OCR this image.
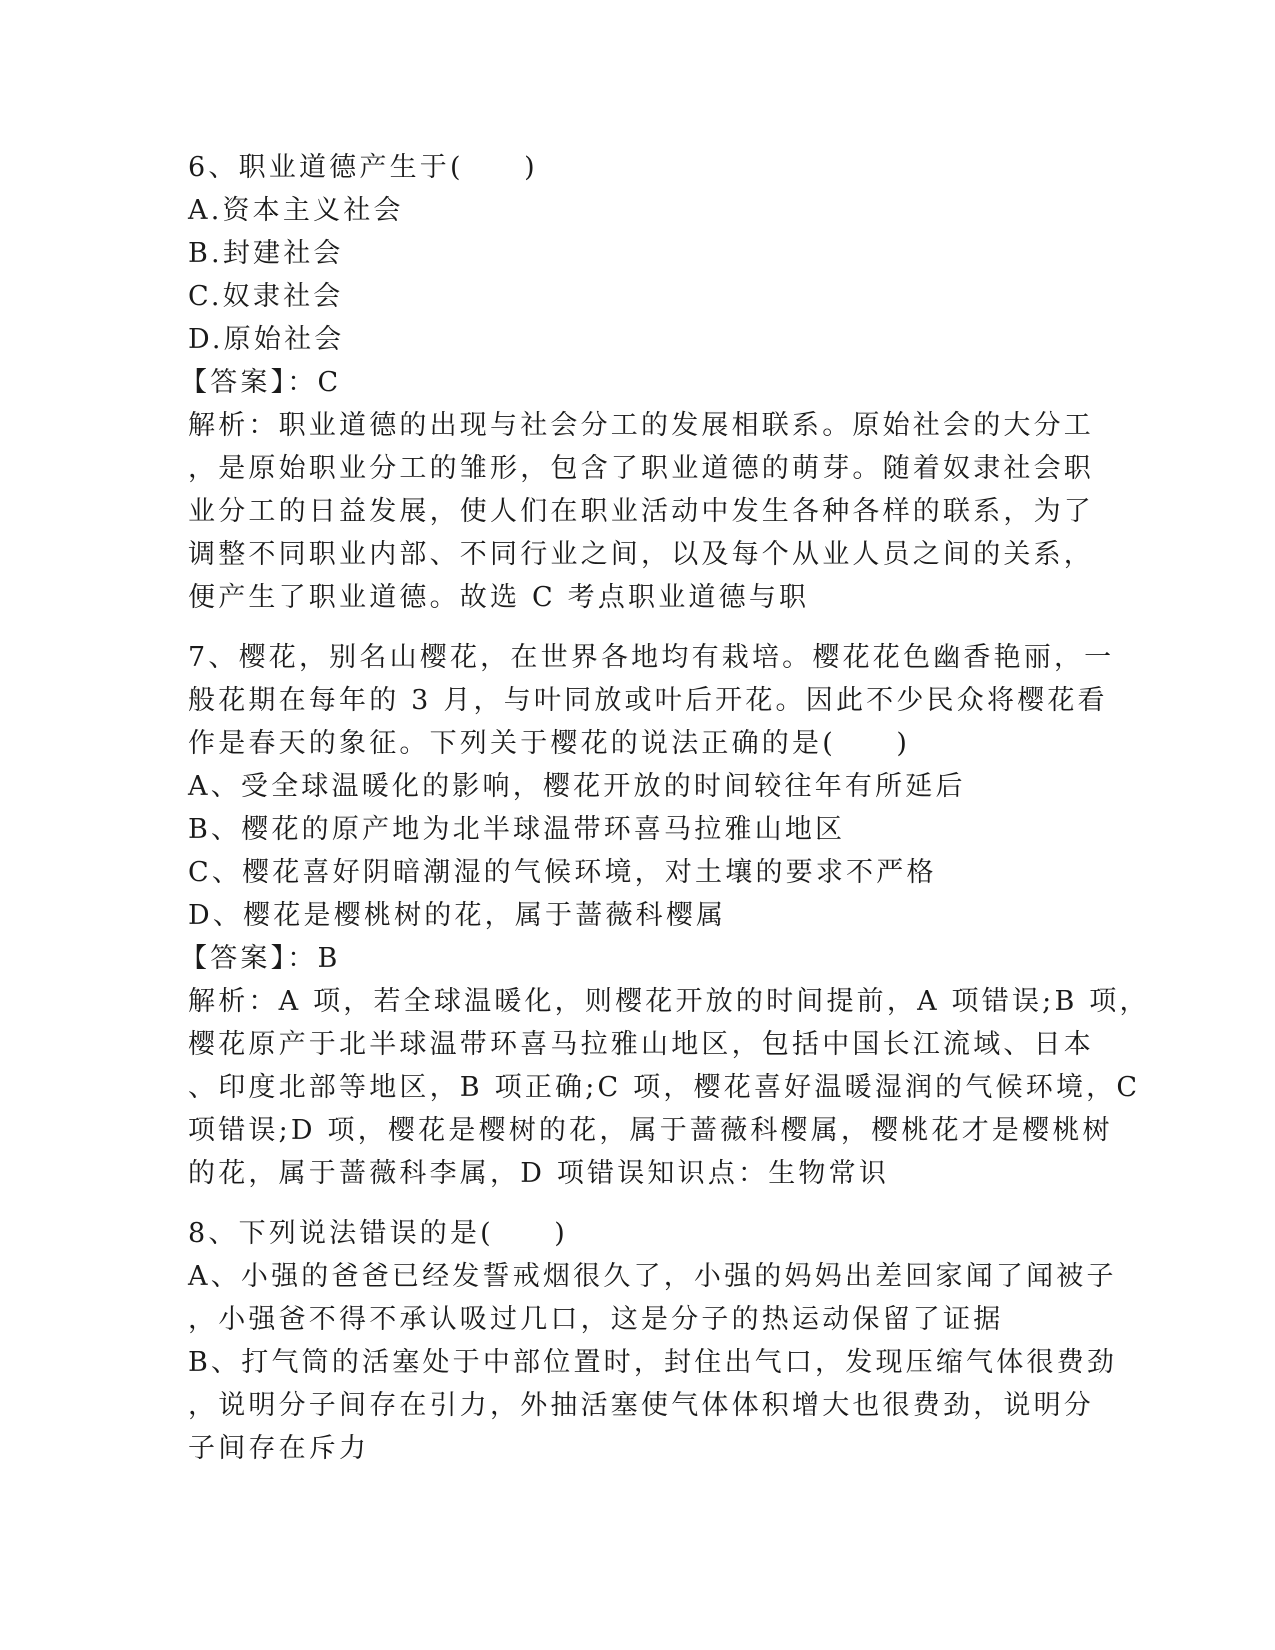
6、职业道德产生于(　　)
A.资本主义社会
B.封建社会
C.奴隶社会
D.原始社会
【答案】：C
解析：职业道德的出现与社会分工的发展相联系。原始社会的大分工
，是原始职业分工的雏形，包含了职业道德的萌芽。随着奴隶社会职
业分工的日益发展，使人们在职业活动中发生各种各样的联系，为了
调整不同职业内部、不同行业之间，以及每个从业人员之间的关系，
便产生了职业道德。故选 C 考点职业道德与职
7、樱花，别名山樱花，在世界各地均有栽培。樱花花色幽香艳丽，一
般花期在每年的 3 月，与叶同放或叶后开花。因此不少民众将樱花看
作是春天的象征。下列关于樱花的说法正确的是(　　)
A、受全球温暖化的影响，樱花开放的时间较往年有所延后
B、樱花的原产地为北半球温带环喜马拉雅山地区
C、樱花喜好阴暗潮湿的气候环境，对土壤的要求不严格
D、樱花是樱桃树的花，属于蔷薇科樱属
【答案】：B
解析：A 项，若全球温暖化，则樱花开放的时间提前，A 项错误;B 项，
樱花原产于北半球温带环喜马拉雅山地区，包括中国长江流域、日本
、印度北部等地区，B 项正确;C 项，樱花喜好温暖湿润的气候环境，C
项错误;D 项，樱花是樱树的花，属于蔷薇科樱属，樱桃花才是樱桃树
的花，属于蔷薇科李属，D 项错误知识点：生物常识
8、下列说法错误的是(　　)
A、小强的爸爸已经发誓戒烟很久了，小强的妈妈出差回家闻了闻被子
，小强爸不得不承认吸过几口，这是分子的热运动保留了证据
B、打气筒的活塞处于中部位置时，封住出气口，发现压缩气体很费劲
，说明分子间存在引力，外抽活塞使气体体积增大也很费劲，说明分
子间存在斥力
